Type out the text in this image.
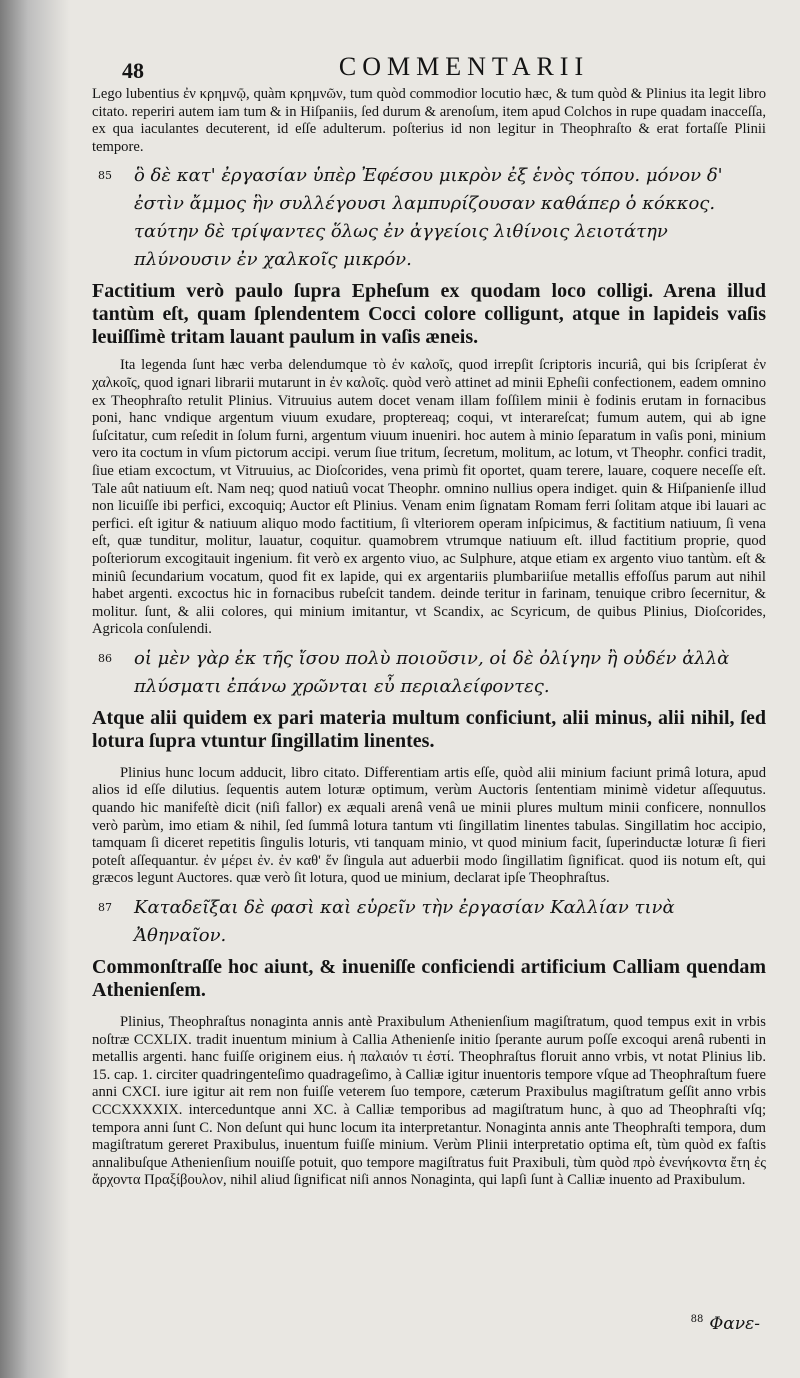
48	COMMENTARII

Lego lubentius ἐν κρημνῷ, quàm κρημνῶν, tum quòd commodior locutio hæc, & tum quòd & Plinius ita legit libro citato. reperiri autem iam tum & in Hiſpaniis, ſed durum & arenoſum, item apud Colchos in rupe quadam inacceſſa, ex qua iaculantes decuterent, id eſſe adulterum. poſterius id non legitur in Theophraſto & erat fortaſſe Plinii tempore.

85 ὃ δὲ κατ' ἐργασίαν ὑπὲρ Ἐφέσου μικρὸν ἐξ ἑνὸς τόπου. μόνον δ' ἐστὶν ἄμμος ἣν συλλέγουσι λαμπυρίζουσαν καθάπερ ὁ κόκκος. ταύτην δὲ τρίψαντες ὅλως ἐν ἀγγείοις λιθίνοις λειοτάτην πλύνουσιν ἐν χαλκοῖς μικρόν.

Factitium verò paulo ſupra Epheſum ex quodam loco colligi. Arena illud tantùm eſt, quam ſplendentem Cocci colore colligunt, atque in lapideis vaſis leuiſſimè tritam lauant paulum in vaſis æneis.

Ita legenda ſunt hæc verba delendumque τὸ ἐν καλοῖς, quod irrepſit ſcriptoris incuriâ, qui bis ſcripſerat ἐν χαλκοῖς, quod ignari librarii mutarunt in ἐν καλοῖς. quòd verò attinet ad minii Epheſii confectionem, eadem omnino ex Theophraſto retulit Plinius. Vitruuius autem docet venam illam foſſilem minii è fodinis erutam in fornacibus poni, hanc vndique argentum viuum exudare, proptereaq; coqui, vt interareſcat; fumum autem, qui ab igne ſuſcitatur, cum reſedit in ſolum furni, argentum viuum inueniri. hoc autem à minio ſeparatum in vaſis poni, minium vero ita coctum in vſum pictorum accipi. verum ſiue tritum, ſecretum, molitum, ac lotum, vt Theophr. confici tradit, ſiue etiam excoctum, vt Vitruuius, ac Dioſcorides, vena primù fit oportet, quam terere, lauare, coquere neceſſe eſt. Tale aût natiuum eſt. Nam neq; quod natiuû vocat Theophr. omnino nullius opera indiget. quin & Hiſpanienſe illud non licuiſſe ibi perfici, excoquiq; Auctor eſt Plinius. Venam enim ſignatam Romam ferri ſolitam atque ibi lauari ac perfici. eſt igitur & natiuum aliquo modo factitium, ſi vlteriorem operam inſpicimus, & factitium natiuum, ſi vena eſt, quæ tunditur, molitur, lauatur, coquitur. quamobrem vtrumque natiuum eſt. illud factitium proprie, quod poſteriorum excogitauit ingenium. fit verò ex argento viuo, ac Sulphure, atque etiam ex argento viuo tantùm. eſt & miniû ſecundarium vocatum, quod fit ex lapide, qui ex argentariis plumbariiſue metallis effoſſus parum aut nihil habet argenti. excoctus hic in fornacibus rubeſcit tandem. deinde teritur in farinam, tenuique cribro ſecernitur, & molitur. ſunt, & alii colores, qui minium imitantur, vt Scandix, ac Scyricum, de quibus Plinius, Dioſcorides, Agricola conſulendi.

86 οἱ μὲν γὰρ ἐκ τῆς ἴσου πολὺ ποιοῦσιν, οἱ δὲ ὀλίγην ἢ οὐδέν ἀλλὰ πλύσματι ἐπάνω χρῶνται εὖ περιαλείφοντες.

Atque alii quidem ex pari materia multum conficiunt, alii minus, alii nihil, ſed lotura ſupra vtuntur ſingillatim linentes.

Plinius hunc locum adducit, libro citato. Differentiam artis eſſe, quòd alii minium faciunt primâ lotura, apud alios id eſſe dilutius. ſequentis autem loturæ optimum, verùm Auctoris ſententiam minimè videtur aſſequutus. quando hic manifeſtè dicit (niſi fallor) ex æquali arenâ venâ ue minii plures multum minii conficere, nonnullos verò parùm, imo etiam & nihil, ſed ſummâ lotura tantum vti ſingillatim linentes tabulas. Singillatim hoc accipio, tamquam ſi diceret repetitis ſingulis loturis, vti tanquam minio, vt quod minium facit, ſuperinductæ loturæ ſi fieri poteſt aſſequantur. ἐν μέρει ἐν. ἐν καθ' ἕν ſingula aut aduerbii modo ſingillatim ſignificat. quod iis notum eſt, qui græcos legunt Auctores. quæ verò ſit lotura, quod ue minium, declarat ipſe Theophraſtus.

87 Καταδεῖξαι δὲ φασὶ καὶ εὑρεῖν τὴν ἐργασίαν Καλλίαν τινὰ Ἀθηναῖον.

Commonſtraſſe hoc aiunt, & inueniſſe conficiendi artificium Calliam quendam Athenienſem.

Plinius, Theophraſtus nonaginta annis antè Praxibulum Athenienſium magiſtratum, quod tempus exit in vrbis noſtræ CCXLIX. tradit inuentum minium à Callia Athenienſe initio ſperante aurum poſſe excoqui arenâ rubenti in metallis argenti. hanc fuiſſe originem eius. ἡ παλαιόν τι ἐστί. Theophraſtus floruit anno vrbis, vt notat Plinius lib. 15. cap. 1. circiter quadringenteſimo quadrageſimo, à Calliæ igitur inuentoris tempore vſque ad Theophraſtum fuere anni CXCI. iure igitur ait rem non fuiſſe veterem ſuo tempore, cæterum Praxibulus magiſtratum geſſit anno vrbis CCCXXXXIX. interceduntque anni XC. à Calliæ temporibus ad magiſtratum hunc, à quo ad Theophraſti vſq; tempora anni ſunt C. Non deſunt qui hunc locum ita interpretantur. Nonaginta annis ante Theophraſti tempora, dum magiſtratum gereret Praxibulus, inuentum fuiſſe minium. Verùm Plinii interpretatio optima eſt, tùm quòd ex faſtis annalibuſque Athenienſium nouiſſe potuit, quo tempore magiſtratus fuit Praxibuli, tùm quòd πρὸ ἐνενήκοντα ἔτη ἐς ἄρχοντα Πραξίβουλον, nihil aliud ſignificat niſi annos Nonaginta, qui lapſi ſunt à Calliæ inuento ad Praxibulum.

$^{88}$ Φανε-
